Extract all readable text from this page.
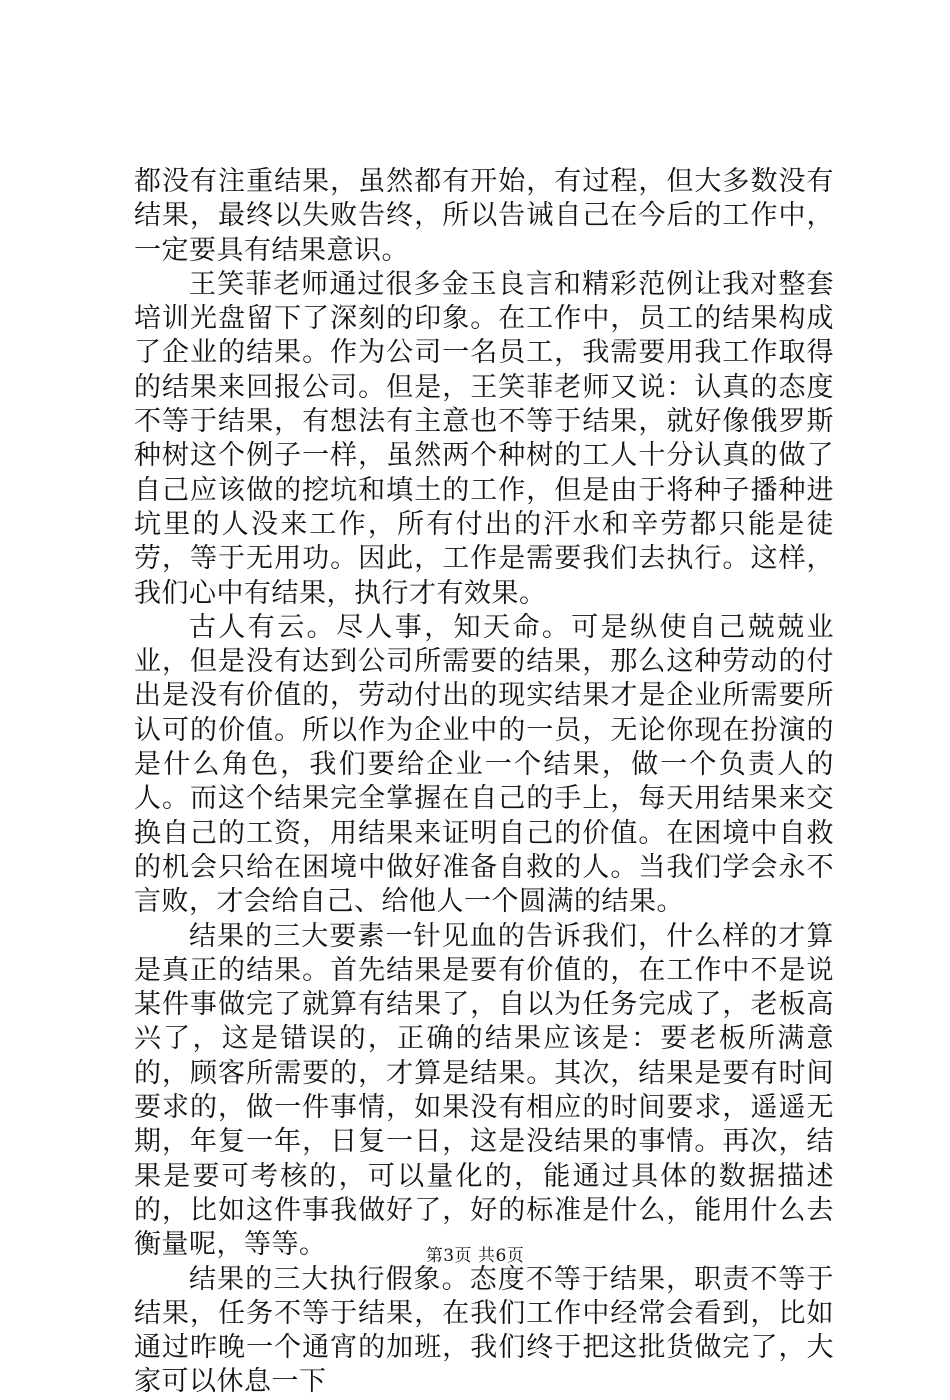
都没有注重结果，虽然都有开始，有过程，但大多数没有结果，最终以失败告终，所以告诫自己在今后的工作中，一定要具有结果意识。

王笑菲老师通过很多金玉良言和精彩范例让我对整套培训光盘留下了深刻的印象。在工作中，员工的结果构成了企业的结果。作为公司一名员工，我需要用我工作取得的结果来回报公司。但是，王笑菲老师又说：认真的态度不等于结果，有想法有主意也不等于结果，就好像俄罗斯种树这个例子一样，虽然两个种树的工人十分认真的做了自己应该做的挖坑和填土的工作，但是由于将种子播种进坑里的人没来工作，所有付出的汗水和辛劳都只能是徒劳，等于无用功。因此，工作是需要我们去执行。这样，我们心中有结果，执行才有效果。

古人有云。尽人事，知天命。可是纵使自己兢兢业业，但是没有达到公司所需要的结果，那么这种劳动的付出是没有价值的，劳动付出的现实结果才是企业所需要所认可的价值。所以作为企业中的一员，无论你现在扮演的是什么角色，我们要给企业一个结果，做一个负责人的人。而这个结果完全掌握在自己的手上，每天用结果来交换自己的工资，用结果来证明自己的价值。在困境中自救的机会只给在困境中做好准备自救的人。当我们学会永不言败，才会给自己、给他人一个圆满的结果。

结果的三大要素一针见血的告诉我们，什么样的才算是真正的结果。首先结果是要有价值的，在工作中不是说某件事做完了就算有结果了，自以为任务完成了，老板高兴了，这是错误的，正确的结果应该是：要老板所满意的，顾客所需要的，才算是结果。其次，结果是要有时间要求的，做一件事情，如果没有相应的时间要求，遥遥无期，年复一年，日复一日，这是没结果的事情。再次，结果是要可考核的，可以量化的，能通过具体的数据描述的，比如这件事我做好了，好的标准是什么，能用什么去衡量呢，等等。

结果的三大执行假象。态度不等于结果，职责不等于结果，任务不等于结果，在我们工作中经常会看到，比如通过昨晚一个通宵的加班，我们终于把这批货做完了，大家可以休息一下

第3页 共6页
